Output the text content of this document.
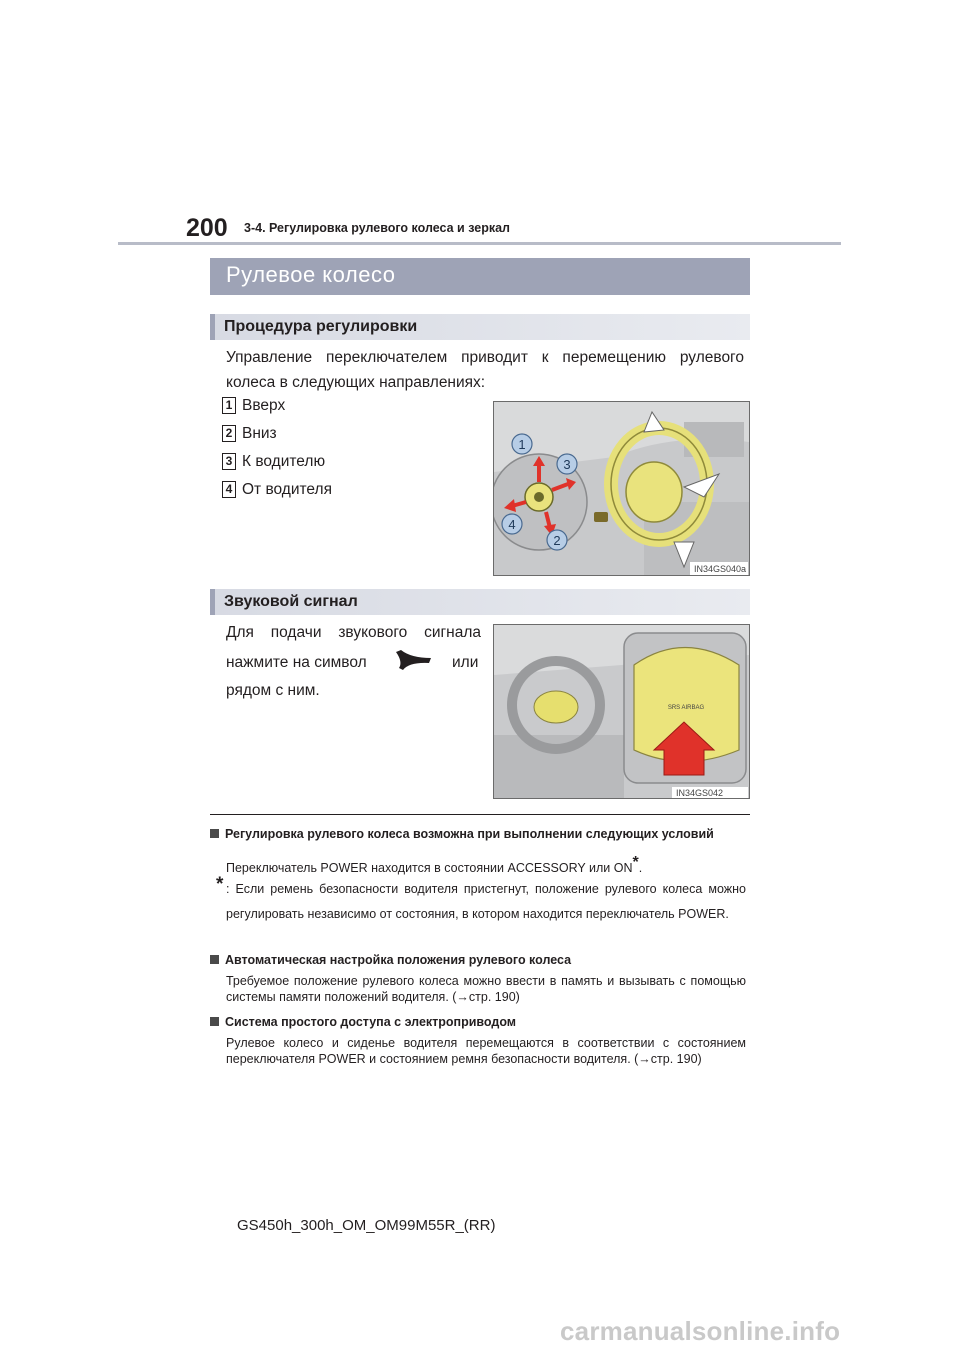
200 3-4. Регулировка рулевого колеса и зеркал
Рулевое колесо
Процедура регулировки
Управление переключателем приводит к перемещению рулевого
колеса в следующих направлениях:
1 Вверх
2 Вниз
3 К водителю
4 От водителя
1
2
3
4
IN34GS040a
Звуковой сигнал
Для подачи звукового сигнала
нажмите на символ	или
рядом с ним.
SRS AIRBAG
IN34GS042
Регулировка рулевого колеса возможна при выполнении следующих условий
Переключатель POWER находится в состоянии ACCESSORY или ON*.
* : Если ремень безопасности водителя пристегнут, положение рулевого колеса можно регулировать независимо от состояния, в котором находится переключатель POWER.
Автоматическая настройка положения рулевого колеса
Требуемое положение рулевого колеса можно ввести в память и вызывать с помощью системы памяти положений водителя. (→стр. 190)
Система простого доступа с электроприводом
Рулевое колесо и сиденье водителя перемещаются в соответствии с состоянием переключателя POWER и состоянием ремня безопасности водителя. (→стр. 190)
GS450h_300h_OM_OM99M55R_(RR)
carmanualsonline.info
